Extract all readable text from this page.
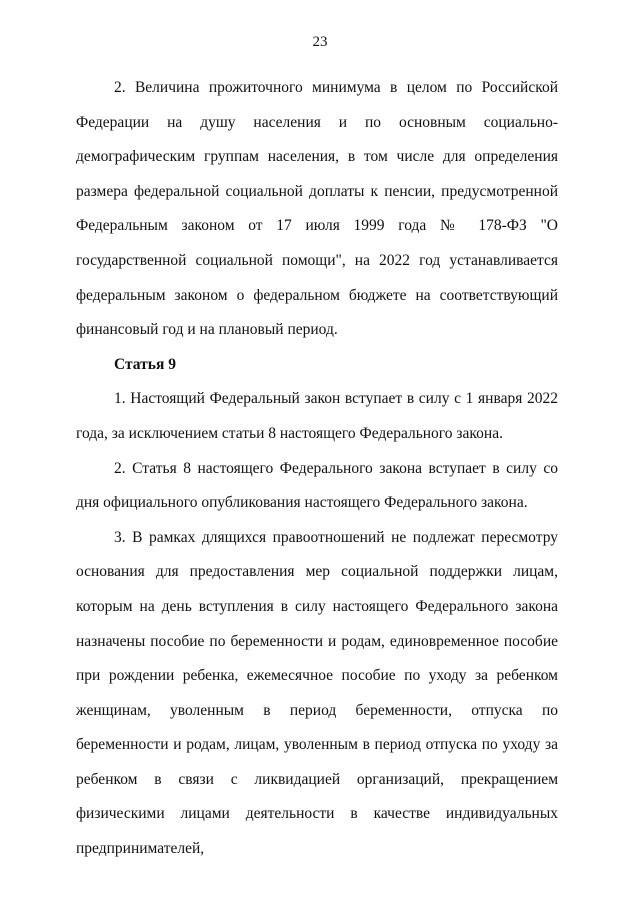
23

2. Величина прожиточного минимума в целом по Российской Федерации на душу населения и по основным социально-демографическим группам населения, в том числе для определения размера федеральной социальной доплаты к пенсии, предусмотренной Федеральным законом от 17 июля 1999 года № 178-ФЗ "О государственной социальной помощи", на 2022 год устанавливается федеральным законом о федеральном бюджете на соответствующий финансовый год и на плановый период.

Статья 9

1. Настоящий Федеральный закон вступает в силу с 1 января 2022 года, за исключением статьи 8 настоящего Федерального закона.

2. Статья 8 настоящего Федерального закона вступает в силу со дня официального опубликования настоящего Федерального закона.

3. В рамках длящихся правоотношений не подлежат пересмотру основания для предоставления мер социальной поддержки лицам, которым на день вступления в силу настоящего Федерального закона назначены пособие по беременности и родам, единовременное пособие при рождении ребенка, ежемесячное пособие по уходу за ребенком женщинам, уволенным в период беременности, отпуска по беременности и родам, лицам, уволенным в период отпуска по уходу за ребенком в связи с ликвидацией организаций, прекращением физическими лицами деятельности в качестве индивидуальных предпринимателей,
